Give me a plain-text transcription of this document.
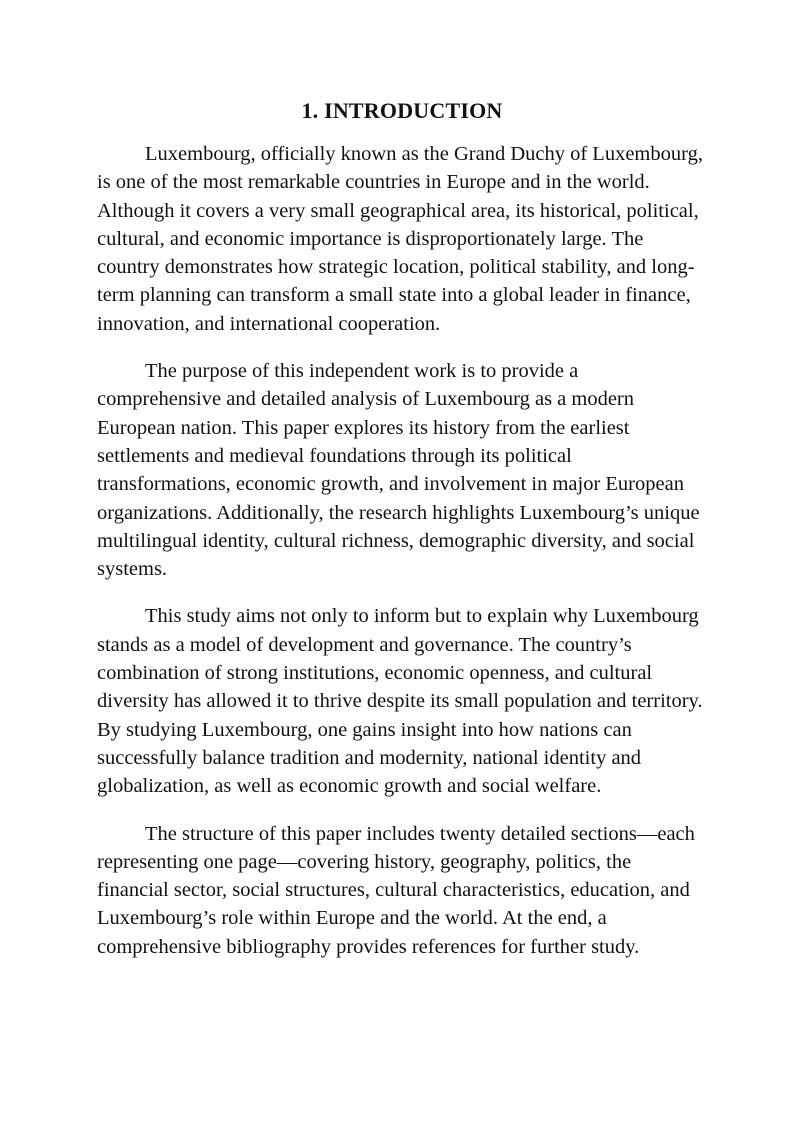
1. INTRODUCTION

Luxembourg, officially known as the Grand Duchy of Luxembourg, is one of the most remarkable countries in Europe and in the world. Although it covers a very small geographical area, its historical, political, cultural, and economic importance is disproportionately large. The country demonstrates how strategic location, political stability, and long-term planning can transform a small state into a global leader in finance, innovation, and international cooperation.

The purpose of this independent work is to provide a comprehensive and detailed analysis of Luxembourg as a modern European nation. This paper explores its history from the earliest settlements and medieval foundations through its political transformations, economic growth, and involvement in major European organizations. Additionally, the research highlights Luxembourg’s unique multilingual identity, cultural richness, demographic diversity, and social systems.

This study aims not only to inform but to explain why Luxembourg stands as a model of development and governance. The country’s combination of strong institutions, economic openness, and cultural diversity has allowed it to thrive despite its small population and territory. By studying Luxembourg, one gains insight into how nations can successfully balance tradition and modernity, national identity and globalization, as well as economic growth and social welfare.

The structure of this paper includes twenty detailed sections—each representing one page—covering history, geography, politics, the financial sector, social structures, cultural characteristics, education, and Luxembourg’s role within Europe and the world. At the end, a comprehensive bibliography provides references for further study.
